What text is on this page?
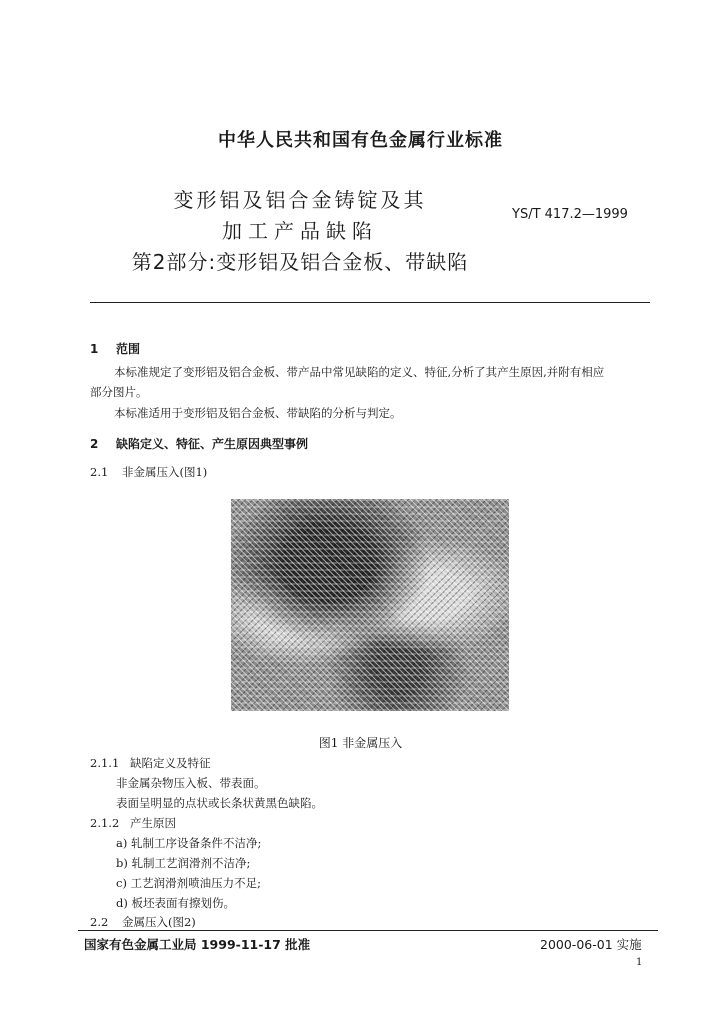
中华人民共和国有色金属行业标准
变形铝及铝合金铸锭及其
加工产品缺陷
第2部分:变形铝及铝合金板、带缺陷
YS/T 417.2—1999
1 范围
本标准规定了变形铝及铝合金板、带产品中常见缺陷的定义、特征,分析了其产生原因,并附有相应
部分图片。
本标准适用于变形铝及铝合金板、带缺陷的分析与判定。
2 缺陷定义、特征、产生原因典型事例
2.1 非金属压入(图1)
图1 非金属压入
2.1.1 缺陷定义及特征
非金属杂物压入板、带表面。
表面呈明显的点状或长条状黄黑色缺陷。
2.1.2 产生原因
a) 轧制工序设备条件不洁净;
b) 轧制工艺润滑剂不洁净;
c) 工艺润滑剂喷油压力不足;
d) 板坯表面有擦划伤。
2.2 金属压入(图2)
国家有色金属工业局 1999-11-17 批准	2000-06-01 实施
1
